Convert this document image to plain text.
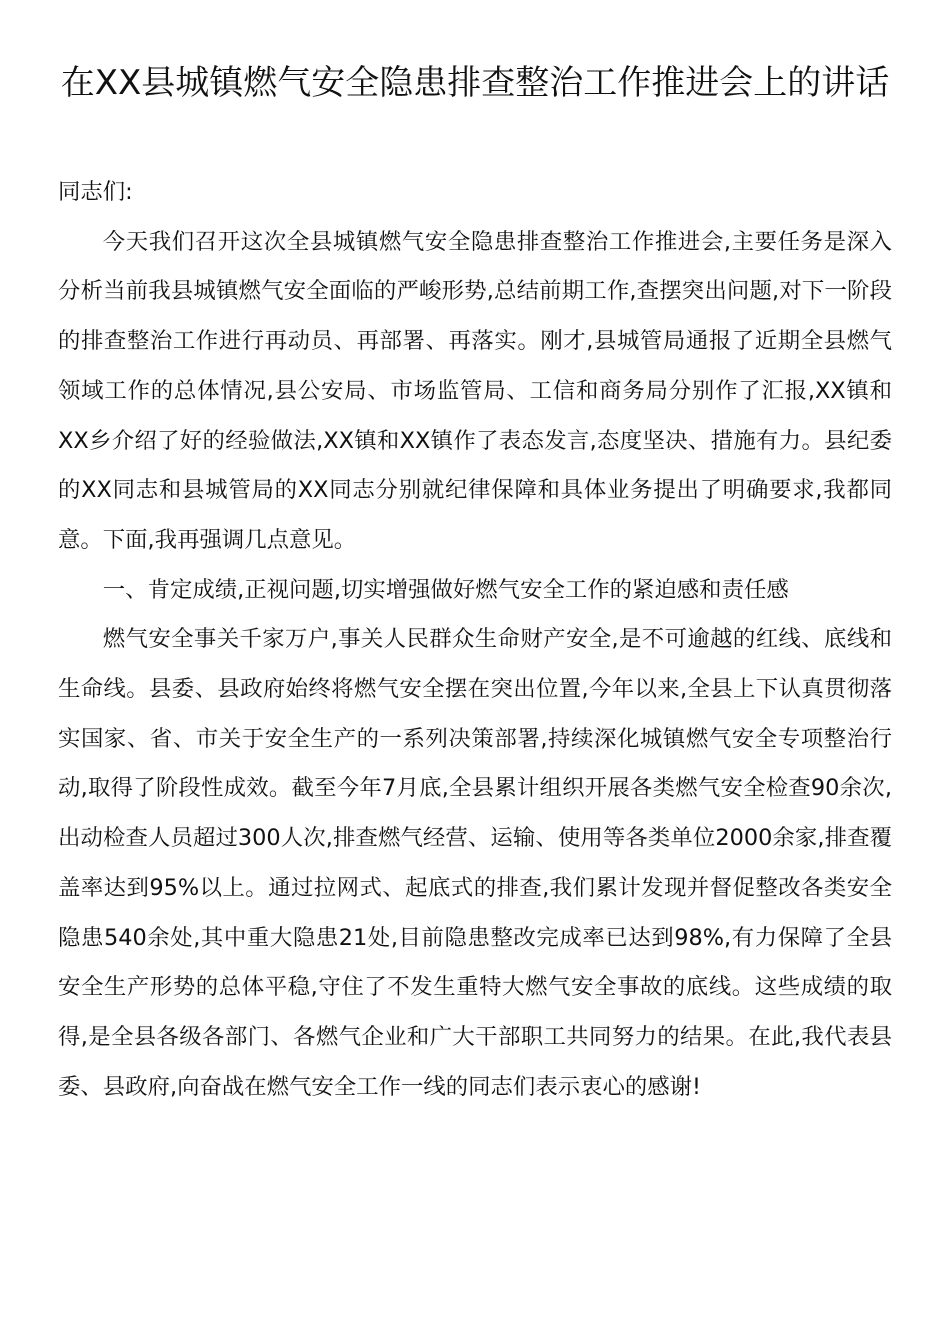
在XX县城镇燃气安全隐患排查整治工作推进会上的讲话

同志们:

今天我们召开这次全县城镇燃气安全隐患排查整治工作推进会,主要任务是深入分析当前我县城镇燃气安全面临的严峻形势,总结前期工作,查摆突出问题,对下一阶段的排查整治工作进行再动员、再部署、再落实。刚才,县城管局通报了近期全县燃气领域工作的总体情况,县公安局、市场监管局、工信和商务局分别作了汇报,XX镇和XX乡介绍了好的经验做法,XX镇和XX镇作了表态发言,态度坚决、措施有力。县纪委的XX同志和县城管局的XX同志分别就纪律保障和具体业务提出了明确要求,我都同意。下面,我再强调几点意见。

一、肯定成绩,正视问题,切实增强做好燃气安全工作的紧迫感和责任感

燃气安全事关千家万户,事关人民群众生命财产安全,是不可逾越的红线、底线和生命线。县委、县政府始终将燃气安全摆在突出位置,今年以来,全县上下认真贯彻落实国家、省、市关于安全生产的一系列决策部署,持续深化城镇燃气安全专项整治行动,取得了阶段性成效。截至今年7月底,全县累计组织开展各类燃气安全检查90余次,出动检查人员超过300人次,排查燃气经营、运输、使用等各类单位2000余家,排查覆盖率达到95%以上。通过拉网式、起底式的排查,我们累计发现并督促整改各类安全隐患540余处,其中重大隐患21处,目前隐患整改完成率已达到98%,有力保障了全县安全生产形势的总体平稳,守住了不发生重特大燃气安全事故的底线。这些成绩的取得,是全县各级各部门、各燃气企业和广大干部职工共同努力的结果。在此,我代表县委、县政府,向奋战在燃气安全工作一线的同志们表示衷心的感谢!
